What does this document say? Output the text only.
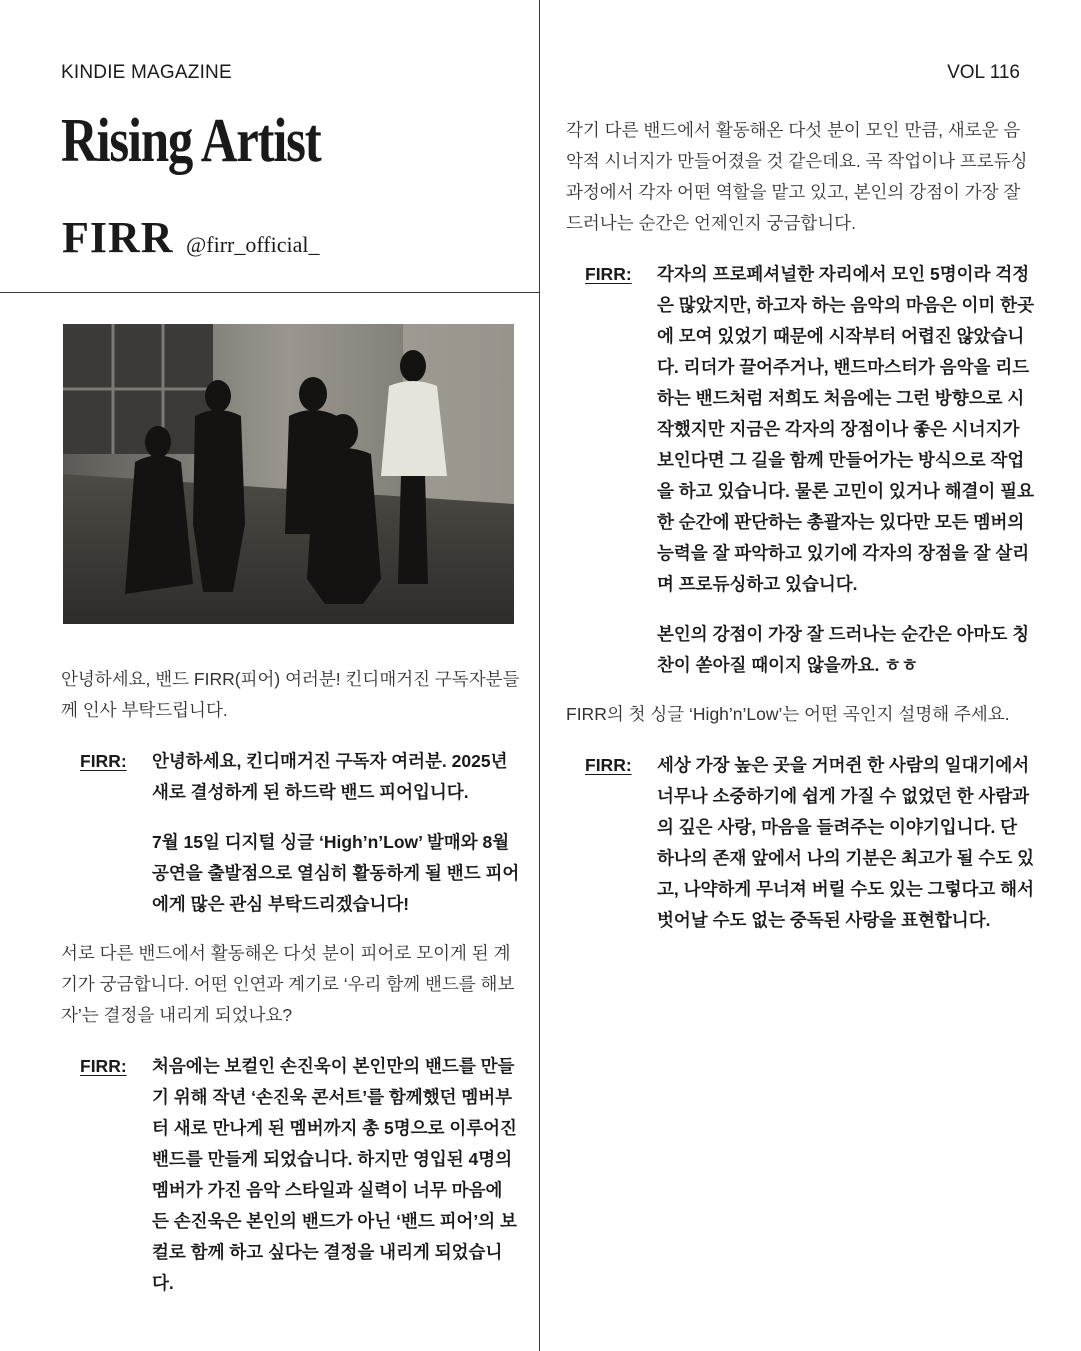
KINDIE MAGAZINE	VOL 116
Rising Artist
FIRR @firr_official_

안녕하세요, 밴드 FIRR(피어) 여러분! 킨디매거진 구독자분들께 인사 부탁드립니다.

FIRR: 안녕하세요, 킨디매거진 구독자 여러분. 2025년 새로 결성하게 된 하드락 밴드 피어입니다.

7월 15일 디지털 싱글 ‘High’n’Low’ 발매와 8월 공연을 출발점으로 열심히 활동하게 될 밴드 피어에게 많은 관심 부탁드리겠습니다!

서로 다른 밴드에서 활동해온 다섯 분이 피어로 모이게 된 계기가 궁금합니다. 어떤 인연과 계기로 ‘우리 함께 밴드를 해보자’는 결정을 내리게 되었나요?

FIRR: 처음에는 보컬인 손진욱이 본인만의 밴드를 만들기 위해 작년 ‘손진욱 콘서트’를 함께했던 멤버부터 새로 만나게 된 멤버까지 총 5명으로 이루어진 밴드를 만들게 되었습니다. 하지만 영입된 4명의 멤버가 가진 음악 스타일과 실력이 너무 마음에 든 손진욱은 본인의 밴드가 아닌 ‘밴드 피어’의 보컬로 함께 하고 싶다는 결정을 내리게 되었습니다.

각기 다른 밴드에서 활동해온 다섯 분이 모인 만큼, 새로운 음악적 시너지가 만들어졌을 것 같은데요. 곡 작업이나 프로듀싱 과정에서 각자 어떤 역할을 맡고 있고, 본인의 강점이 가장 잘 드러나는 순간은 언제인지 궁금합니다.

FIRR: 각자의 프로페셔널한 자리에서 모인 5명이라 걱정은 많았지만, 하고자 하는 음악의 마음은 이미 한곳에 모여 있었기 때문에 시작부터 어렵진 않았습니다. 리더가 끌어주거나, 밴드마스터가 음악을 리드하는 밴드처럼 저희도 처음에는 그런 방향으로 시작했지만 지금은 각자의 장점이나 좋은 시너지가 보인다면 그 길을 함께 만들어가는 방식으로 작업을 하고 있습니다. 물론 고민이 있거나 해결이 필요한 순간에 판단하는 총괄자는 있다만 모든 멤버의 능력을 잘 파악하고 있기에 각자의 장점을 잘 살리며 프로듀싱하고 있습니다.

본인의 강점이 가장 잘 드러나는 순간은 아마도 칭찬이 쏟아질 때이지 않을까요. ㅎㅎ

FIRR의 첫 싱글 ‘High’n’Low’는 어떤 곡인지 설명해 주세요.

FIRR: 세상 가장 높은 곳을 거머쥔 한 사람의 일대기에서 너무나 소중하기에 쉽게 가질 수 없었던 한 사람과의 깊은 사랑, 마음을 들려주는 이야기입니다. 단 하나의 존재 앞에서 나의 기분은 최고가 될 수도 있고, 나약하게 무너져 버릴 수도 있는 그렇다고 해서 벗어날 수도 없는 중독된 사랑을 표현합니다.
